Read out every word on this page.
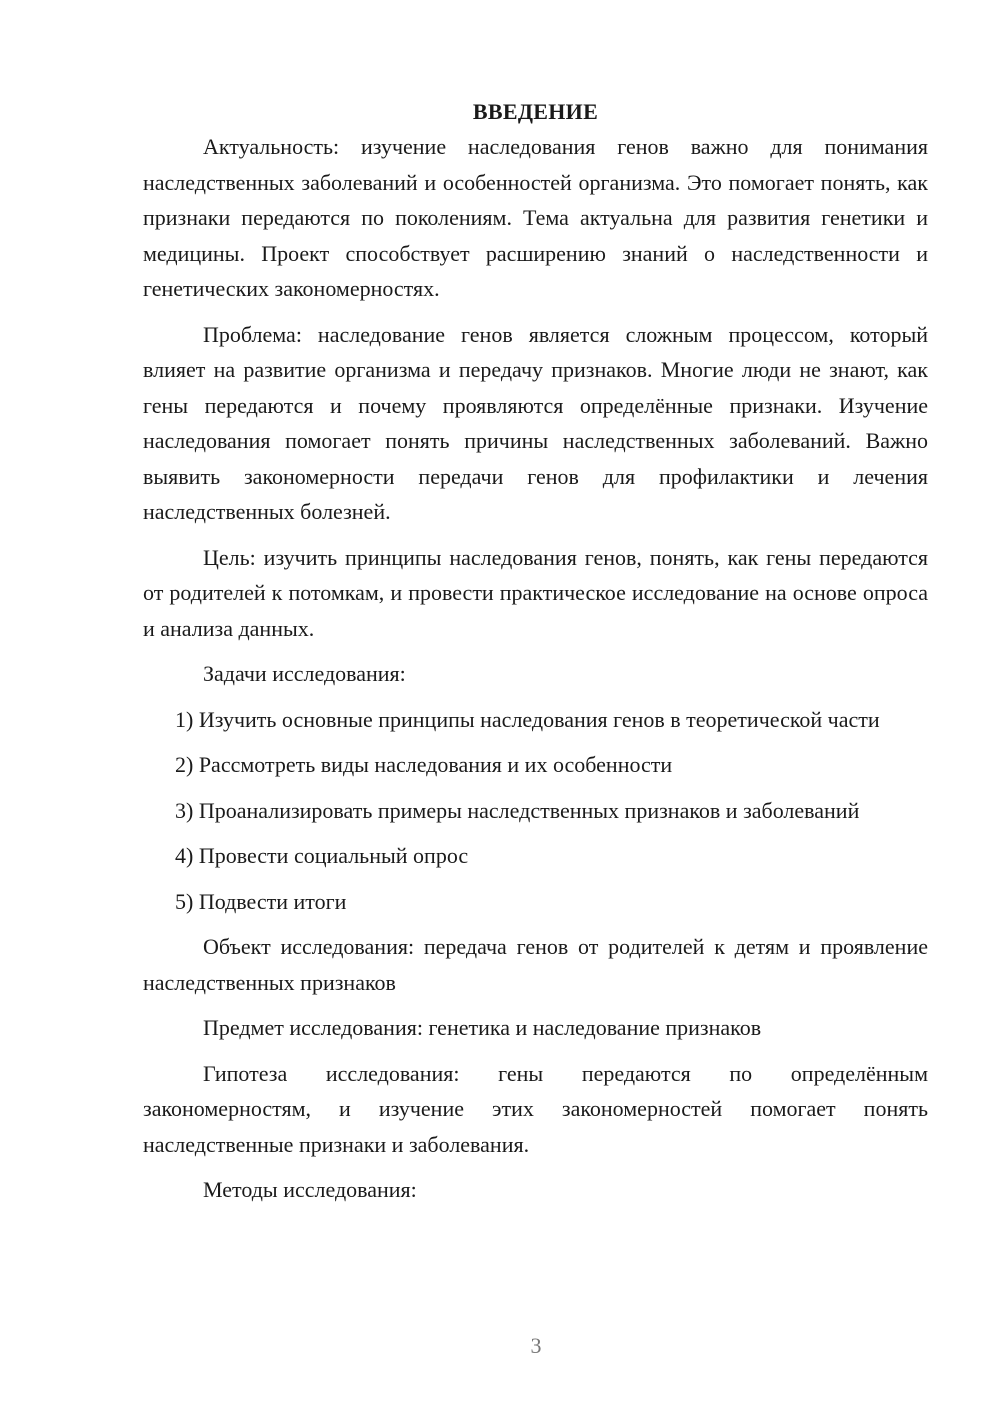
ВВЕДЕНИЕ

Актуальность: изучение наследования генов важно для понимания наследственных заболеваний и особенностей организма. Это помогает понять, как признаки передаются по поколениям. Тема актуальна для развития генетики и медицины. Проект способствует расширению знаний о наследственности и генетических закономерностях.

Проблема: наследование генов является сложным процессом, который влияет на развитие организма и передачу признаков. Многие люди не знают, как гены передаются и почему проявляются определённые признаки. Изучение наследования помогает понять причины наследственных заболеваний. Важно выявить закономерности передачи генов для профилактики и лечения наследственных болезней.

Цель: изучить принципы наследования генов, понять, как гены передаются от родителей к потомкам, и провести практическое исследование на основе опроса и анализа данных.

Задачи исследования:

1) Изучить основные принципы наследования генов в теоретической части

2) Рассмотреть виды наследования и их особенности

3) Проанализировать примеры наследственных признаков и заболеваний

4) Провести социальный опрос

5) Подвести итоги

Объект исследования: передача генов от родителей к детям и проявление наследственных признаков

Предмет исследования: генетика и наследование признаков

Гипотеза исследования: гены передаются по определённым закономерностям, и изучение этих закономерностей помогает понять наследственные признаки и заболевания.

Методы исследования:

3
